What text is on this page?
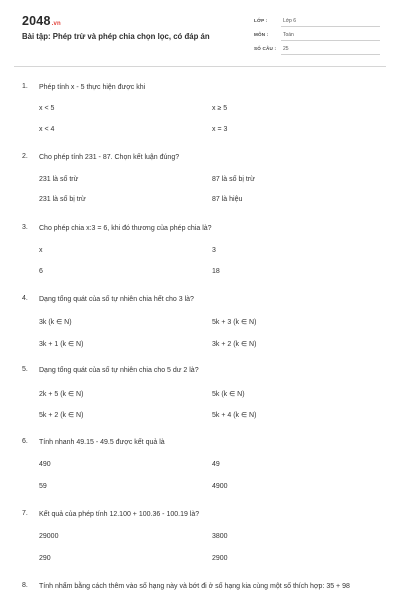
2048.vn
Bài tập: Phép trừ và phép chia chọn lọc, có đáp án
LỚP :	Lớp 6
MÔN :	Toán
SỐ CÂU : 25
1. Phép tính x - 5 thực hiện được khi
x < 5	x ≥ 5
x < 4	x = 3
2. Cho phép tính 231 - 87. Chọn kết luận đúng?
231 là số trừ	87 là số bị trừ
231 là số bị trừ	87 là hiệu
3. Cho phép chia x:3 = 6, khi đó thương của phép chia là?
x	3
6	18
4. Dạng tổng quát của số tự nhiên chia hết cho 3 là?
3k (k ∈ N)	5k + 3 (k ∈ N)
3k + 1 (k ∈ N)	3k + 2 (k ∈ N)
5. Dạng tổng quát của số tự nhiên chia cho 5 dư 2 là?
2k + 5 (k ∈ N)	5k (k ∈ N)
5k + 2 (k ∈ N)	5k + 4 (k ∈ N)
6. Tính nhanh 49.15 - 49.5 được kết quả là
490	49
59	4900
7. Kết quả của phép tính 12.100 + 100.36 - 100.19 là?
29000	3800
290	2900
8. Tính nhẩm bằng cách thêm vào số hạng này và bớt đi ở số hạng kia cùng một số thích hợp: 35 + 98
